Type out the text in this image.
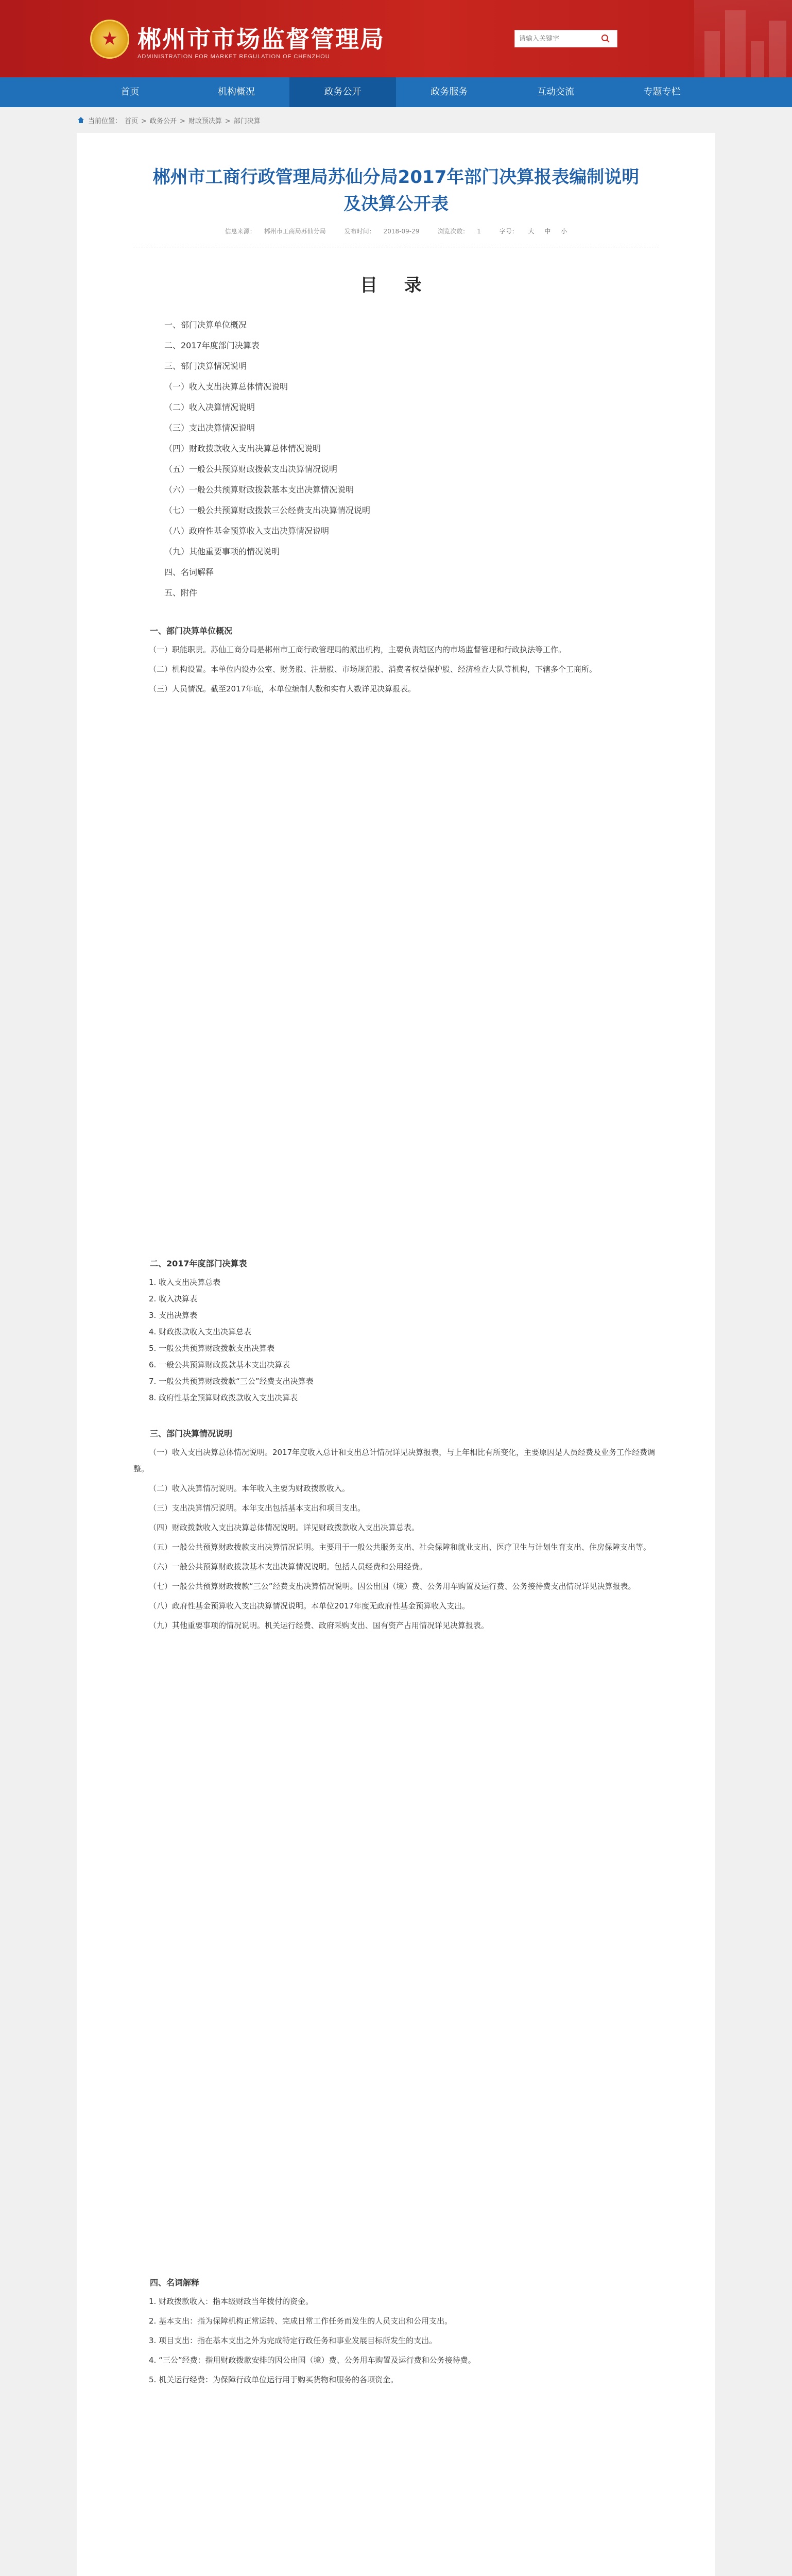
★
郴州市市场监督管理局
ADMINISTRATION FOR MARKET REGULATION OF CHENZHOU
请输入关键字
首页	机构概况	政务公开	政务服务	互动交流	专题专栏
当前位置： 首页 > 政务公开 > 财政预决算 > 部门决算
郴州市工商行政管理局苏仙分局2017年部门决算报表编制说明及决算公开表
信息来源： 郴州市工商局苏仙分局	发布时间： 2018-09-29	浏览次数： 1	字号： 大 中 小
目 录

一、部门决算单位概况

二、2017年度部门决算表

三、部门决算情况说明

（一）收入支出决算总体情况说明

（二）收入决算情况说明

（三）支出决算情况说明

（四）财政拨款收入支出决算总体情况说明

（五）一般公共预算财政拨款支出决算情况说明

（六）一般公共预算财政拨款基本支出决算情况说明

（七）一般公共预算财政拨款三公经费支出决算情况说明

（八）政府性基金预算收入支出决算情况说明

（九）其他重要事项的情况说明

四、名词解释

五、附件

一、部门决算单位概况

（一）职能职责。苏仙工商分局是郴州市工商行政管理局的派出机构，主要负责辖区内的市场监督管理和行政执法等工作。

（二）机构设置。本单位内设办公室、财务股、注册股、市场规范股、消费者权益保护股、经济检查大队等机构，下辖多个工商所。

（三）人员情况。截至2017年底，本单位编制人数和实有人数详见决算报表。

二、2017年度部门决算表

1. 收入支出决算总表

2. 收入决算表

3. 支出决算表

4. 财政拨款收入支出决算总表

5. 一般公共预算财政拨款支出决算表

6. 一般公共预算财政拨款基本支出决算表

7. 一般公共预算财政拨款“三公”经费支出决算表

8. 政府性基金预算财政拨款收入支出决算表

三、部门决算情况说明

（一）收入支出决算总体情况说明。2017年度收入总计和支出总计情况详见决算报表，与上年相比有所变化，主要原因是人员经费及业务工作经费调整。

（二）收入决算情况说明。本年收入主要为财政拨款收入。

（三）支出决算情况说明。本年支出包括基本支出和项目支出。

（四）财政拨款收入支出决算总体情况说明。详见财政拨款收入支出决算总表。

（五）一般公共预算财政拨款支出决算情况说明。主要用于一般公共服务支出、社会保障和就业支出、医疗卫生与计划生育支出、住房保障支出等。

（六）一般公共预算财政拨款基本支出决算情况说明。包括人员经费和公用经费。

（七）一般公共预算财政拨款“三公”经费支出决算情况说明。因公出国（境）费、公务用车购置及运行费、公务接待费支出情况详见决算报表。

（八）政府性基金预算收入支出决算情况说明。本单位2017年度无政府性基金预算收入支出。

（九）其他重要事项的情况说明。机关运行经费、政府采购支出、国有资产占用情况详见决算报表。

四、名词解释

1. 财政拨款收入：指本级财政当年拨付的资金。

2. 基本支出：指为保障机构正常运转、完成日常工作任务而发生的人员支出和公用支出。

3. 项目支出：指在基本支出之外为完成特定行政任务和事业发展目标所发生的支出。

4. “三公”经费：指用财政拨款安排的因公出国（境）费、公务用车购置及运行费和公务接待费。

5. 机关运行经费：为保障行政单位运行用于购买货物和服务的各项资金。
